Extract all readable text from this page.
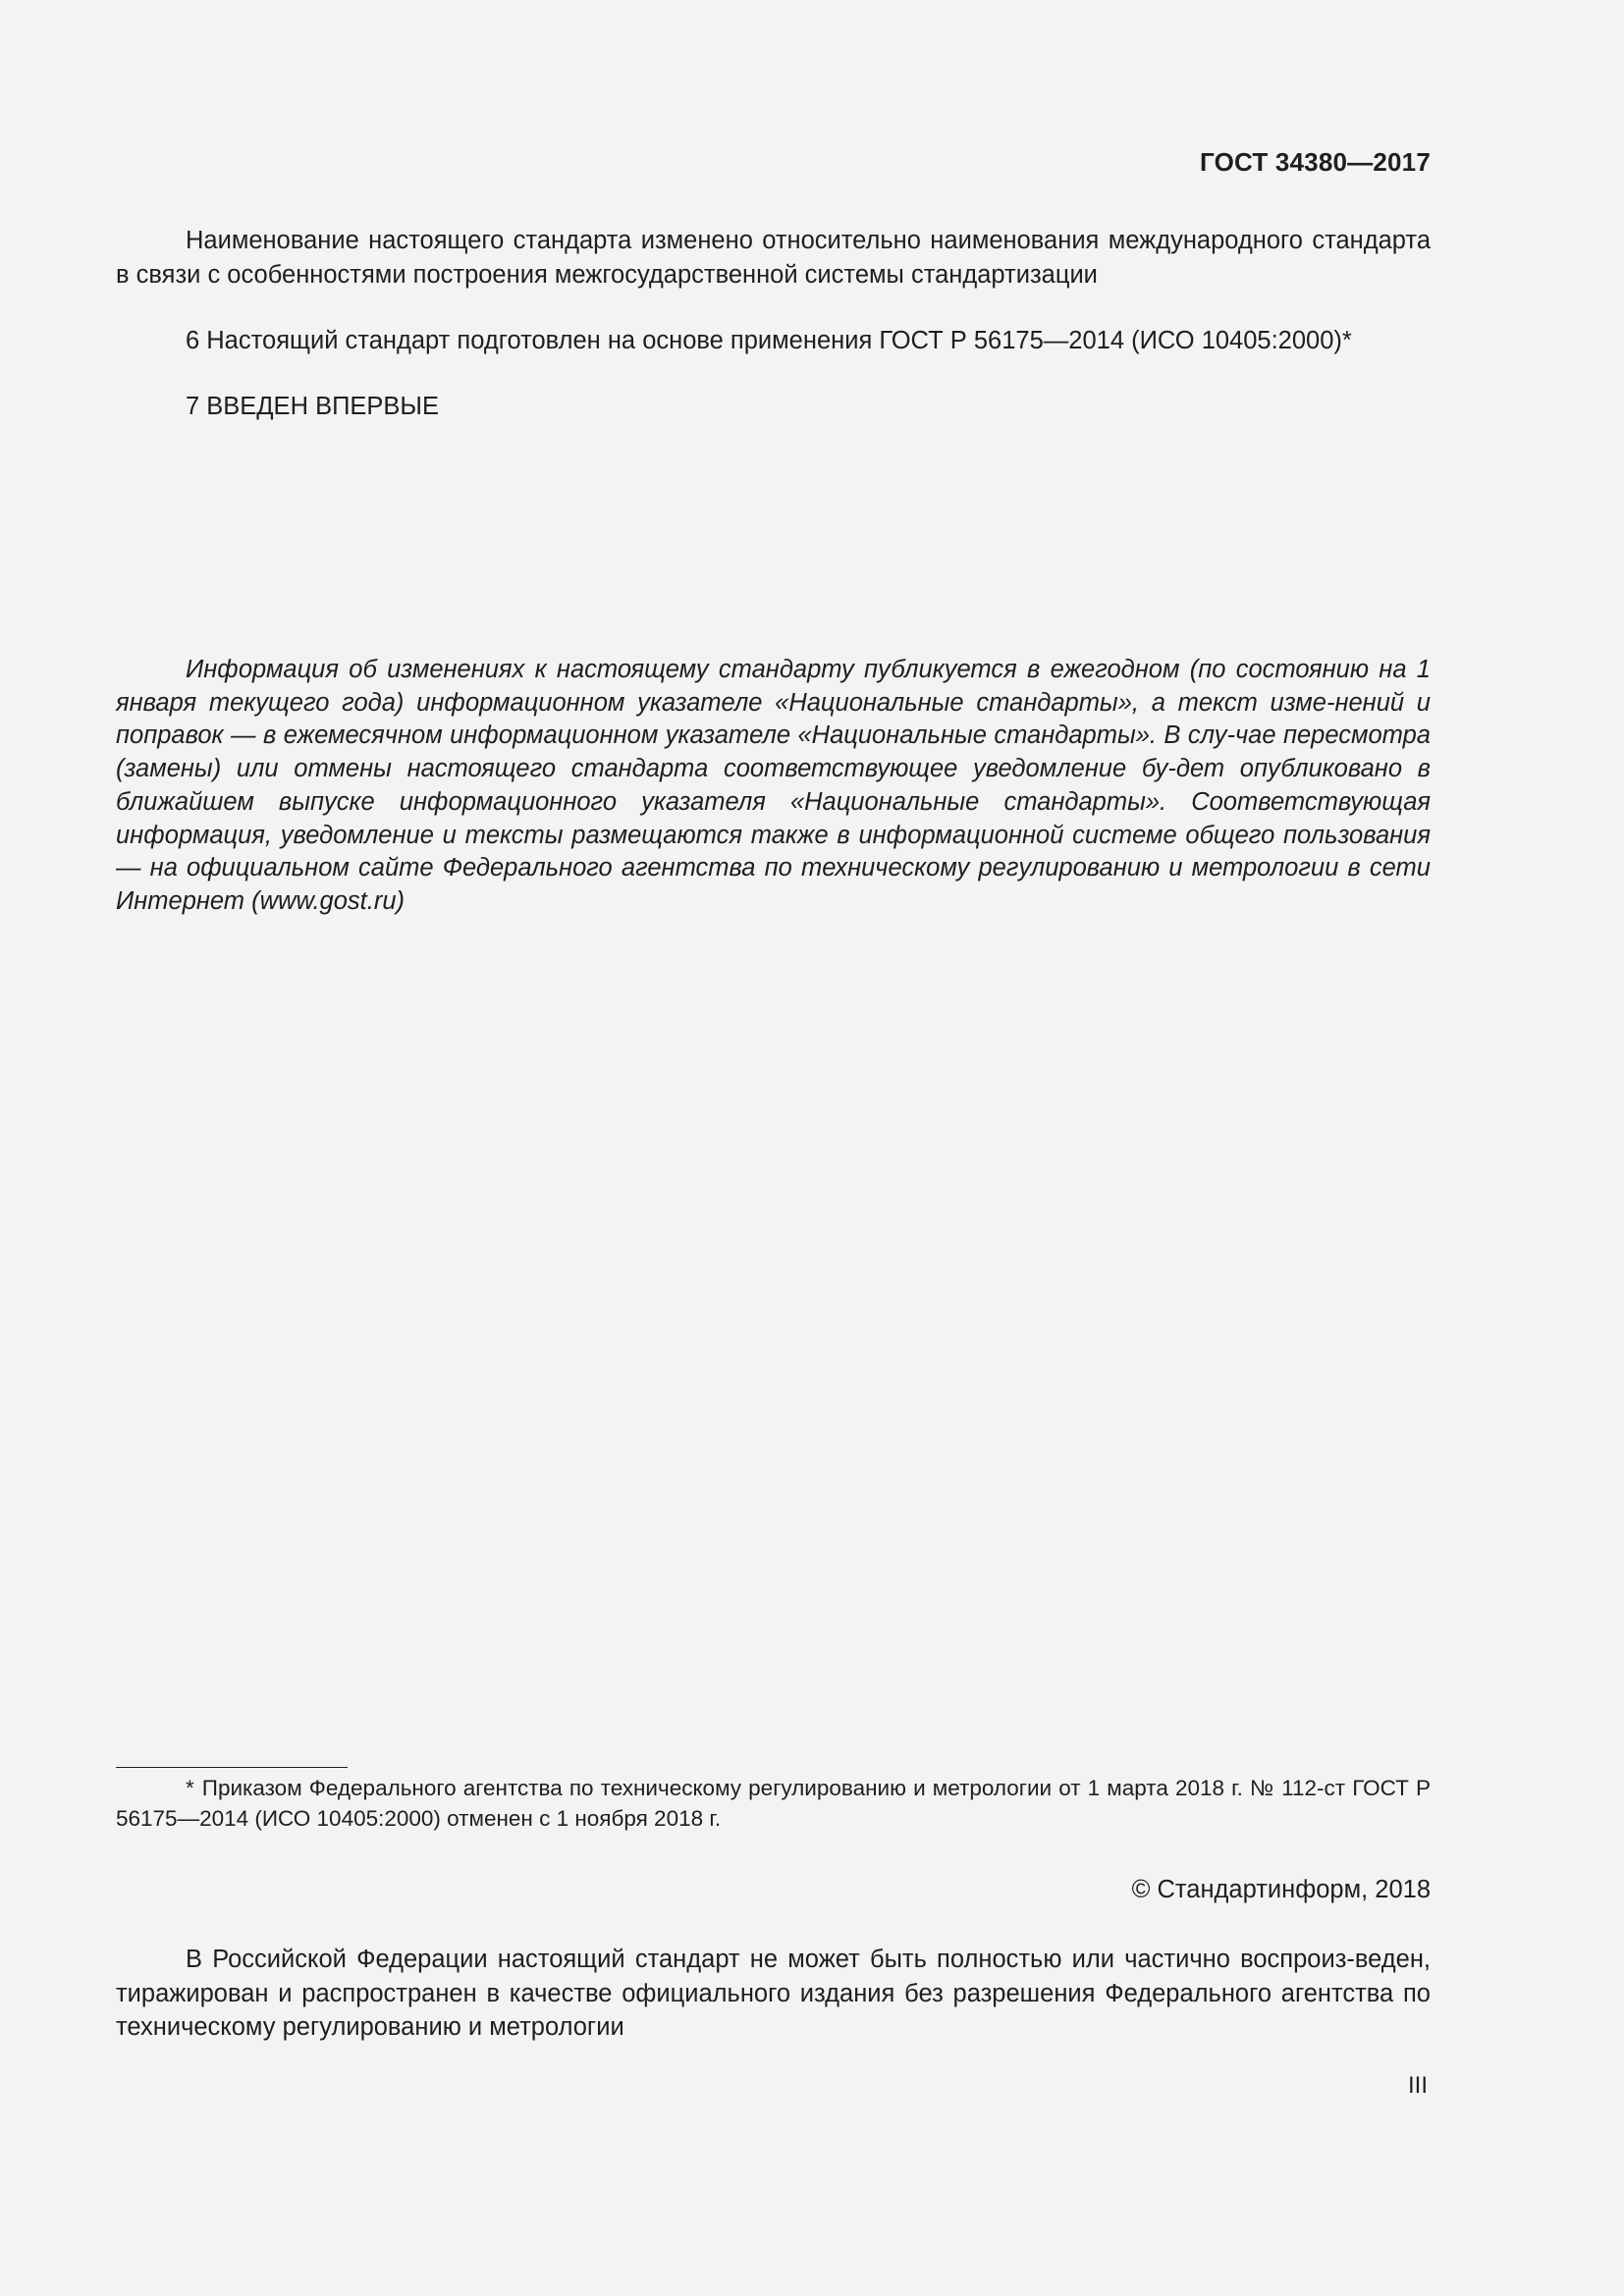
ГОСТ 34380—2017
Наименование настоящего стандарта изменено относительно наименования международного стандарта в связи с особенностями построения межгосударственной системы стандартизации
6 Настоящий стандарт подготовлен на основе применения ГОСТ Р 56175—2014 (ИСО 10405:2000)*
7 ВВЕДЕН ВПЕРВЫЕ
Информация об изменениях к настоящему стандарту публикуется в ежегодном (по состоянию на 1 января текущего года) информационном указателе «Национальные стандарты», а текст изме-нений и поправок — в ежемесячном информационном указателе «Национальные стандарты». В слу-чае пересмотра (замены) или отмены настоящего стандарта соответствующее уведомление бу-дет опубликовано в ближайшем выпуске информационного указателя «Национальные стандарты». Соответствующая информация, уведомление и тексты размещаются также в информационной системе общего пользования — на официальном сайте Федерального агентства по техническому регулированию и метрологии в сети Интернет (www.gost.ru)
* Приказом Федерального агентства по техническому регулированию и метрологии от 1 марта 2018 г. № 112-ст ГОСТ Р 56175—2014 (ИСО 10405:2000) отменен с 1 ноября 2018 г.
© Стандартинформ, 2018
В Российской Федерации настоящий стандарт не может быть полностью или частично воспроиз-веден, тиражирован и распространен в качестве официального издания без разрешения Федерального агентства по техническому регулированию и метрологии
III
